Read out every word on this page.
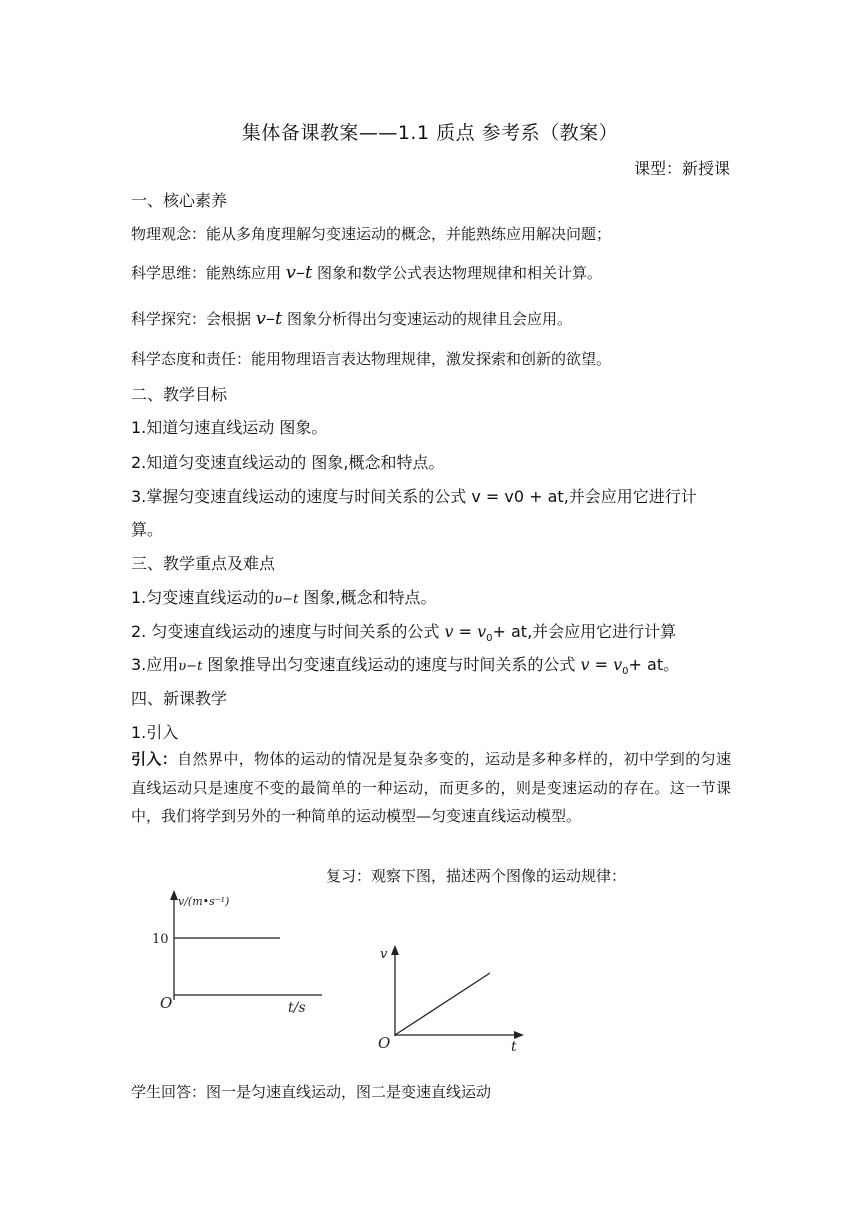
集体备课教案——1.1 质点 参考系（教案）
课型：新授课
一、核心素养
物理观念：能从多角度理解匀变速运动的概念，并能熟练应用解决问题；
科学思维：能熟练应用 v–t 图象和数学公式表达物理规律和相关计算。
科学探究：会根据 v–t 图象分析得出匀变速运动的规律且会应用。
科学态度和责任：能用物理语言表达物理规律，激发探索和创新的欲望。
二、教学目标
1.知道匀速直线运动 图象。
2.知道匀变速直线运动的 图象,概念和特点。
3.掌握匀变速直线运动的速度与时间关系的公式 v = v0 + at,并会应用它进行计
算。
三、教学重点及难点
1.匀变速直线运动的υ−t 图象,概念和特点。
2. 匀变速直线运动的速度与时间关系的公式 $v = v_0+$ at,并会应用它进行计算
3.应用υ−t 图象推导出匀变速直线运动的速度与时间关系的公式 $v = v_0+$ at。
四、新课教学
1.引入
引入：自然界中，物体的运动的情况是复杂多变的，运动是多种多样的，初中学到的匀速直线运动只是速度不变的最简单的一种运动，而更多的，则是变速运动的存在。这一节课中，我们将学到另外的一种简单的运动模型—匀变速直线运动模型。
复习：观察下图，描述两个图像的运动规律：
v/(m•s⁻¹)
10
O	t/s
v
O	t
学生回答：图一是匀速直线运动，图二是变速直线运动
